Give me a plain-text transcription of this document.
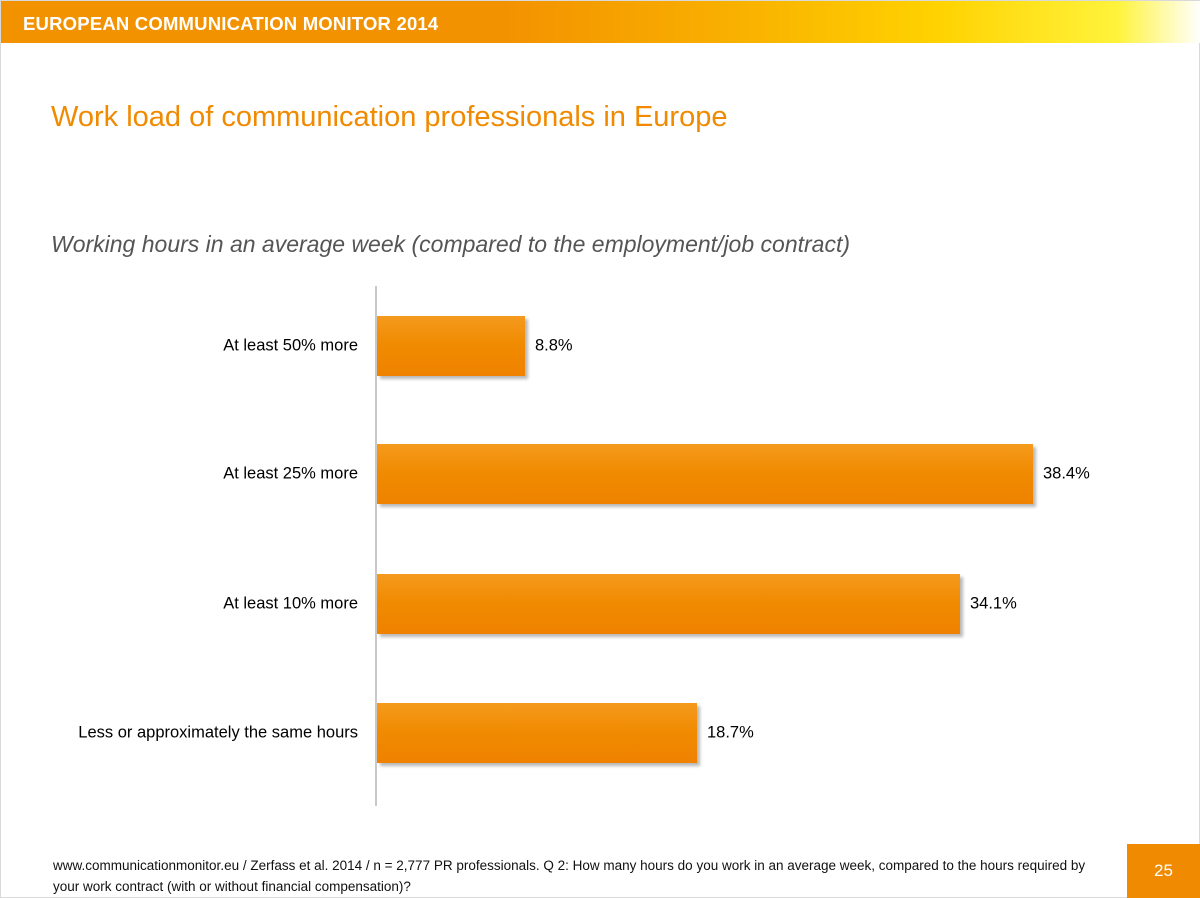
EUROPEAN COMMUNICATION MONITOR 2014
Work load of communication professionals in Europe
Working hours in an average week (compared to the employment/job contract)
At least 50% more	8.8%
At least 25% more	38.4%
At least 10% more	34.1%
Less or approximately the same hours	18.7%
www.communicationmonitor.eu / Zerfass et al. 2014 / n = 2,777 PR professionals. Q 2: How many hours do you work in an average week, compared to the hours required by your work contract (with or without financial compensation)?
25
